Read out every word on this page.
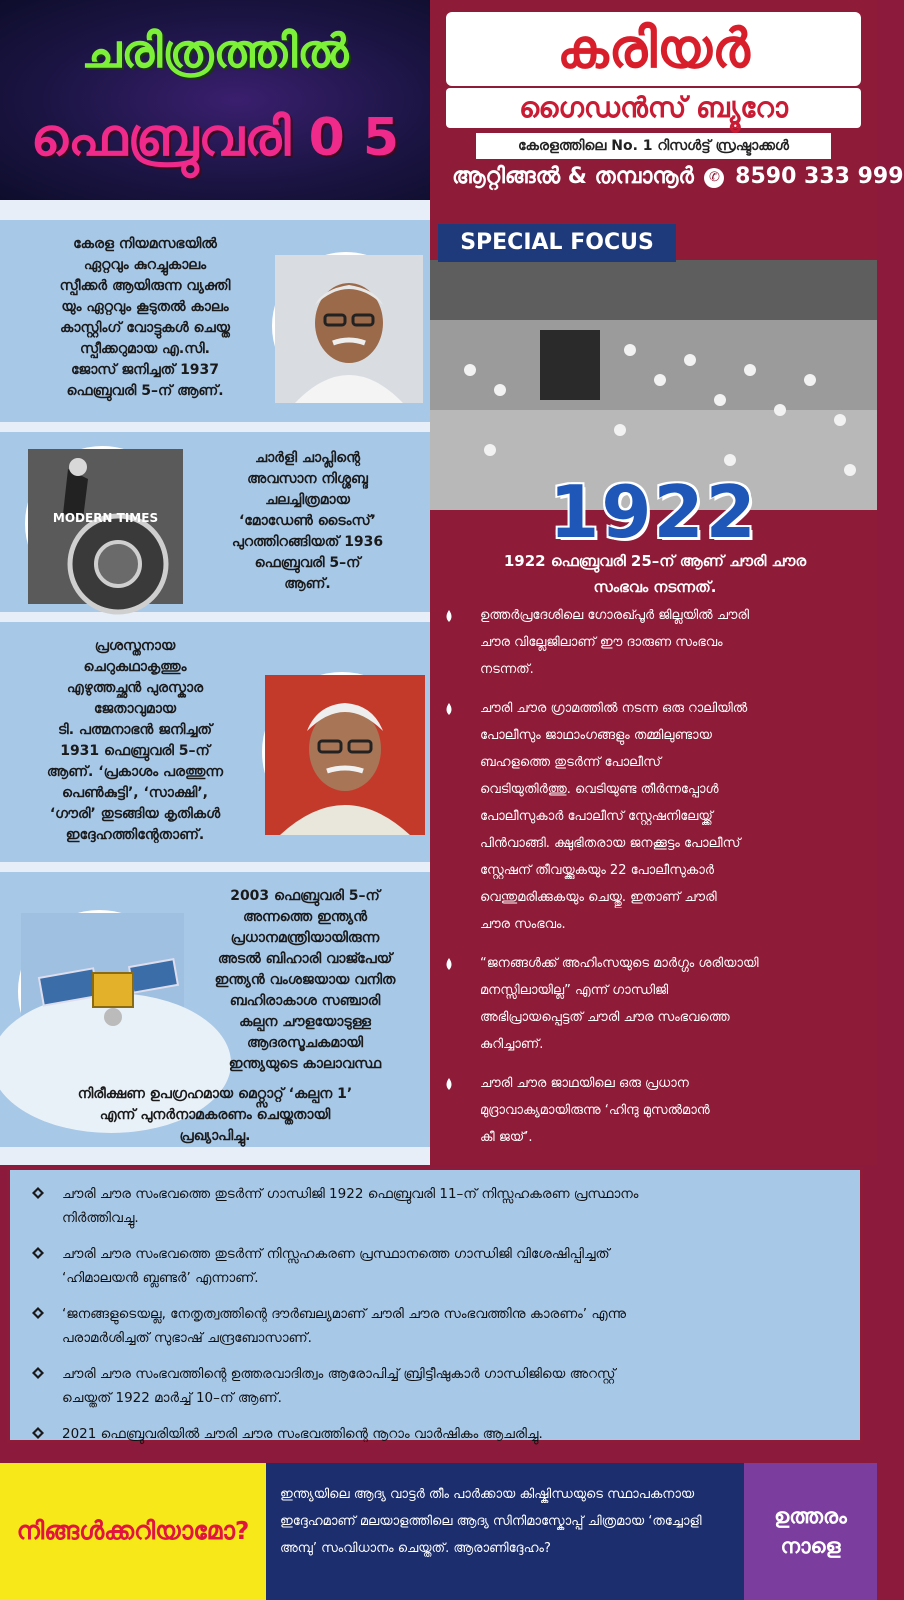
ചരിത്രത്തിൽ
ഫെബ്രുവരി 0 5
കരിയർ
ഗൈഡൻസ് ബ്യൂറോ
കേരളത്തിലെ No. 1 റിസൾട്ട് സ്രഷ്ടാക്കൾ
ആറ്റിങ്ങൽ & തമ്പാനൂർ ✆ 8590 333 999
കേരള നിയമസഭയിൽ
ഏറ്റവും കുറച്ചുകാലം
സ്പീക്കർ ആയിരുന്ന വ്യക്തി
യും ഏറ്റവും കൂടുതൽ കാലം
കാസ്റ്റിംഗ് വോട്ടുകൾ ചെയ്ത
സ്പീക്കറുമായ എ.സി.
ജോസ് ജനിച്ചത് 1937
ഫെബ്രുവരി 5–ന് ആണ്.
MODERN TIMES
ചാർളി ചാപ്ലിന്റെ
അവസാന നിശ്ശബ്ദ
ചലച്ചിത്രമായ
‘മോഡേൺ ടൈംസ്’
പുറത്തിറങ്ങിയത് 1936
ഫെബ്രുവരി 5–ന്
ആണ്.
പ്രശസ്തനായ
ചെറുകഥാകൃത്തും
എഴുത്തച്ഛൻ പുരസ്കാര
ജേതാവുമായ
ടി. പത്മനാഭൻ ജനിച്ചത്
1931 ഫെബ്രുവരി 5–ന്
ആണ്. ‘പ്രകാശം പരത്തുന്ന
പെൺകുട്ടി’, ‘സാക്ഷി’,
‘ഗൗരി’ തുടങ്ങിയ കൃതികൾ
ഇദ്ദേഹത്തിന്റേതാണ്.
2003 ഫെബ്രുവരി 5–ന്
അന്നത്തെ ഇന്ത്യൻ
പ്രധാനമന്ത്രിയായിരുന്ന
അടൽ ബിഹാരി വാജ്പേയ്
ഇന്ത്യൻ വംശജയായ വനിത
ബഹിരാകാശ സഞ്ചാരി
കല്പന ചൗളയോടുള്ള
ആദരസൂചകമായി
ഇന്ത്യയുടെ കാലാവസ്ഥ
നിരീക്ഷണ ഉപഗ്രഹമായ മെറ്റ്സാറ്റ് ‘കല്പന 1’
എന്ന് പുനർനാമകരണം ചെയ്തതായി
പ്രഖ്യാപിച്ചു.
SPECIAL FOCUS
1922
1922 ഫെബ്രുവരി 25–ന് ആണ് ചൗരി ചൗര
സംഭവം നടന്നത്.
ഉത്തർപ്രദേശിലെ ഗോരഖ്പൂർ ജില്ലയിൽ ചൗരി
ചൗര വില്ലേജിലാണ് ഈ ദാരുണ സംഭവം
നടന്നത്.
ചൗരി ചൗര ഗ്രാമത്തിൽ നടന്ന ഒരു റാലിയിൽ
പോലീസും ജാഥാംഗങ്ങളും തമ്മിലുണ്ടായ
ബഹളത്തെ തുടർന്ന് പോലീസ്
വെടിയുതിർത്തു. വെടിയുണ്ട തീർന്നപ്പോൾ
പോലീസുകാർ പോലീസ് സ്റ്റേഷനിലേയ്ക്ക്
പിൻവാങ്ങി. ക്ഷുഭിതരായ ജനക്കൂട്ടം പോലീസ്
സ്റ്റേഷന് തീവയ്ക്കുകയും 22 പോലീസുകാർ
വെന്തുമരിക്കുകയും ചെയ്തു. ഇതാണ് ചൗരി
ചൗര സംഭവം.
“ജനങ്ങൾക്ക് അഹിംസയുടെ മാർഗ്ഗം ശരിയായി
മനസ്സിലായില്ല” എന്ന് ഗാന്ധിജി
അഭിപ്രായപ്പെട്ടത് ചൗരി ചൗര സംഭവത്തെ
കുറിച്ചാണ്.
ചൗരി ചൗര ജാഥയിലെ ഒരു പ്രധാന
മുദ്രാവാക്യമായിരുന്നു ‘ഹിന്ദു മുസൽമാൻ
കീ ജയ്’.
ചൗരി ചൗര സംഭവത്തെ തുടർന്ന് ഗാന്ധിജി 1922 ഫെബ്രുവരി 11–ന് നിസ്സഹകരണ പ്രസ്ഥാനം
നിർത്തിവച്ചു.
ചൗരി ചൗര സംഭവത്തെ തുടർന്ന് നിസ്സഹകരണ പ്രസ്ഥാനത്തെ ഗാന്ധിജി വിശേഷിപ്പിച്ചത്
‘ഹിമാലയൻ ബ്ലണ്ടർ’ എന്നാണ്.
‘ജനങ്ങളുടെയല്ല, നേതൃത്വത്തിന്റെ ദൗർബല്യമാണ് ചൗരി ചൗര സംഭവത്തിനു കാരണം’ എന്നു
പരാമർശിച്ചത് സുഭാഷ് ചന്ദ്രബോസാണ്.
ചൗരി ചൗര സംഭവത്തിന്റെ ഉത്തരവാദിത്വം ആരോപിച്ച് ബ്രിട്ടീഷുകാർ ഗാന്ധിജിയെ അറസ്റ്റ്
ചെയ്തത് 1922 മാർച്ച് 10–ന് ആണ്.
2021 ഫെബ്രുവരിയിൽ ചൗരി ചൗര സംഭവത്തിന്റെ നൂറാം വാർഷികം ആചരിച്ചു.
നിങ്ങൾക്കറിയാമോ?
ഇന്ത്യയിലെ ആദ്യ വാട്ടർ തീം പാർക്കായ കിഷ്കിന്ധയുടെ സ്ഥാപകനായ
ഇദ്ദേഹമാണ് മലയാളത്തിലെ ആദ്യ സിനിമാസ്കോപ്പ് ചിത്രമായ ‘തച്ചോളി
അമ്പു’ സംവിധാനം ചെയ്തത്. ആരാണിദ്ദേഹം?
ഉത്തരം
നാളെ
